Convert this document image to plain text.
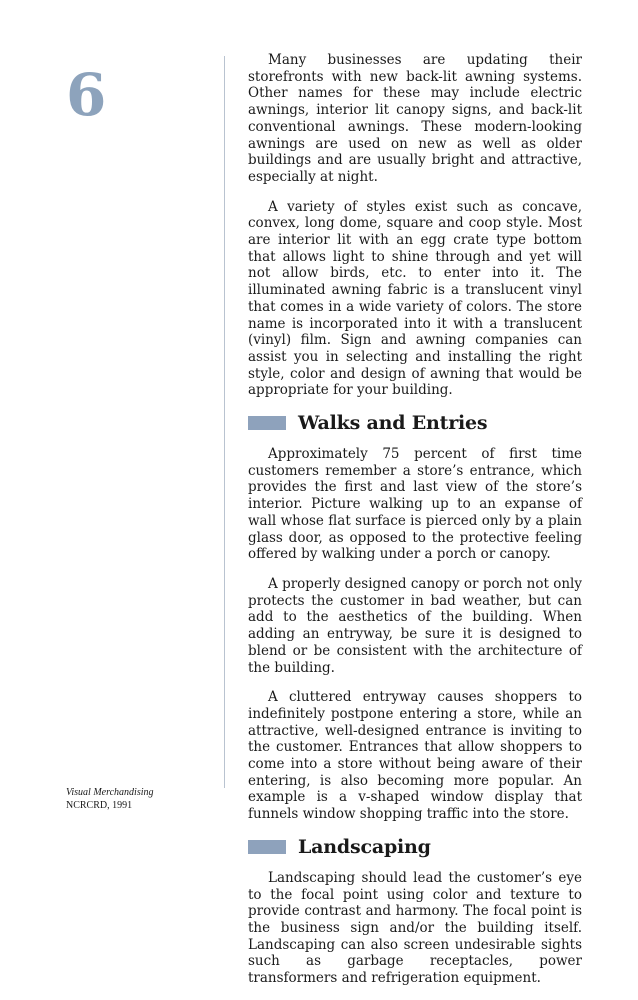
6

Many businesses are updating their storefronts with new back-lit awning systems. Other names for these may include electric awnings, interior lit canopy signs, and back-lit conventional awnings. These modern-looking awnings are used on new as well as older buildings and are usually bright and attractive, especially at night.

A variety of styles exist such as concave, convex, long dome, square and coop style. Most are interior lit with an egg crate type bottom that allows light to shine through and yet will not allow birds, etc. to enter into it. The illuminated awning fabric is a translucent vinyl that comes in a wide variety of colors. The store name is incorporated into it with a translucent (vinyl) film. Sign and awning companies can assist you in selecting and installing the right style, color and design of awning that would be appropriate for your building.

Walks and Entries

Approximately 75 percent of first time customers remember a store’s entrance, which provides the first and last view of the store’s interior. Picture walking up to an expanse of wall whose flat surface is pierced only by a plain glass door, as opposed to the protective feeling offered by walking under a porch or canopy.

A properly designed canopy or porch not only protects the customer in bad weather, but can add to the aesthetics of the building. When adding an entryway, be sure it is designed to blend or be consistent with the architecture of the building.

A cluttered entryway causes shoppers to indefinitely postpone entering a store, while an attractive, well-designed entrance is inviting to the customer. Entrances that allow shoppers to come into a store without being aware of their entering, is also becoming more popular. An example is a v-shaped window display that funnels window shopping traffic into the store.

Landscaping

Landscaping should lead the customer’s eye to the focal point using color and texture to provide contrast and harmony. The focal point is the business sign and/or the building itself. Landscaping can also screen undesirable sights such as garbage receptacles, power transformers and refrigeration equipment.

Visual Merchandising
NCRCRD, 1991
